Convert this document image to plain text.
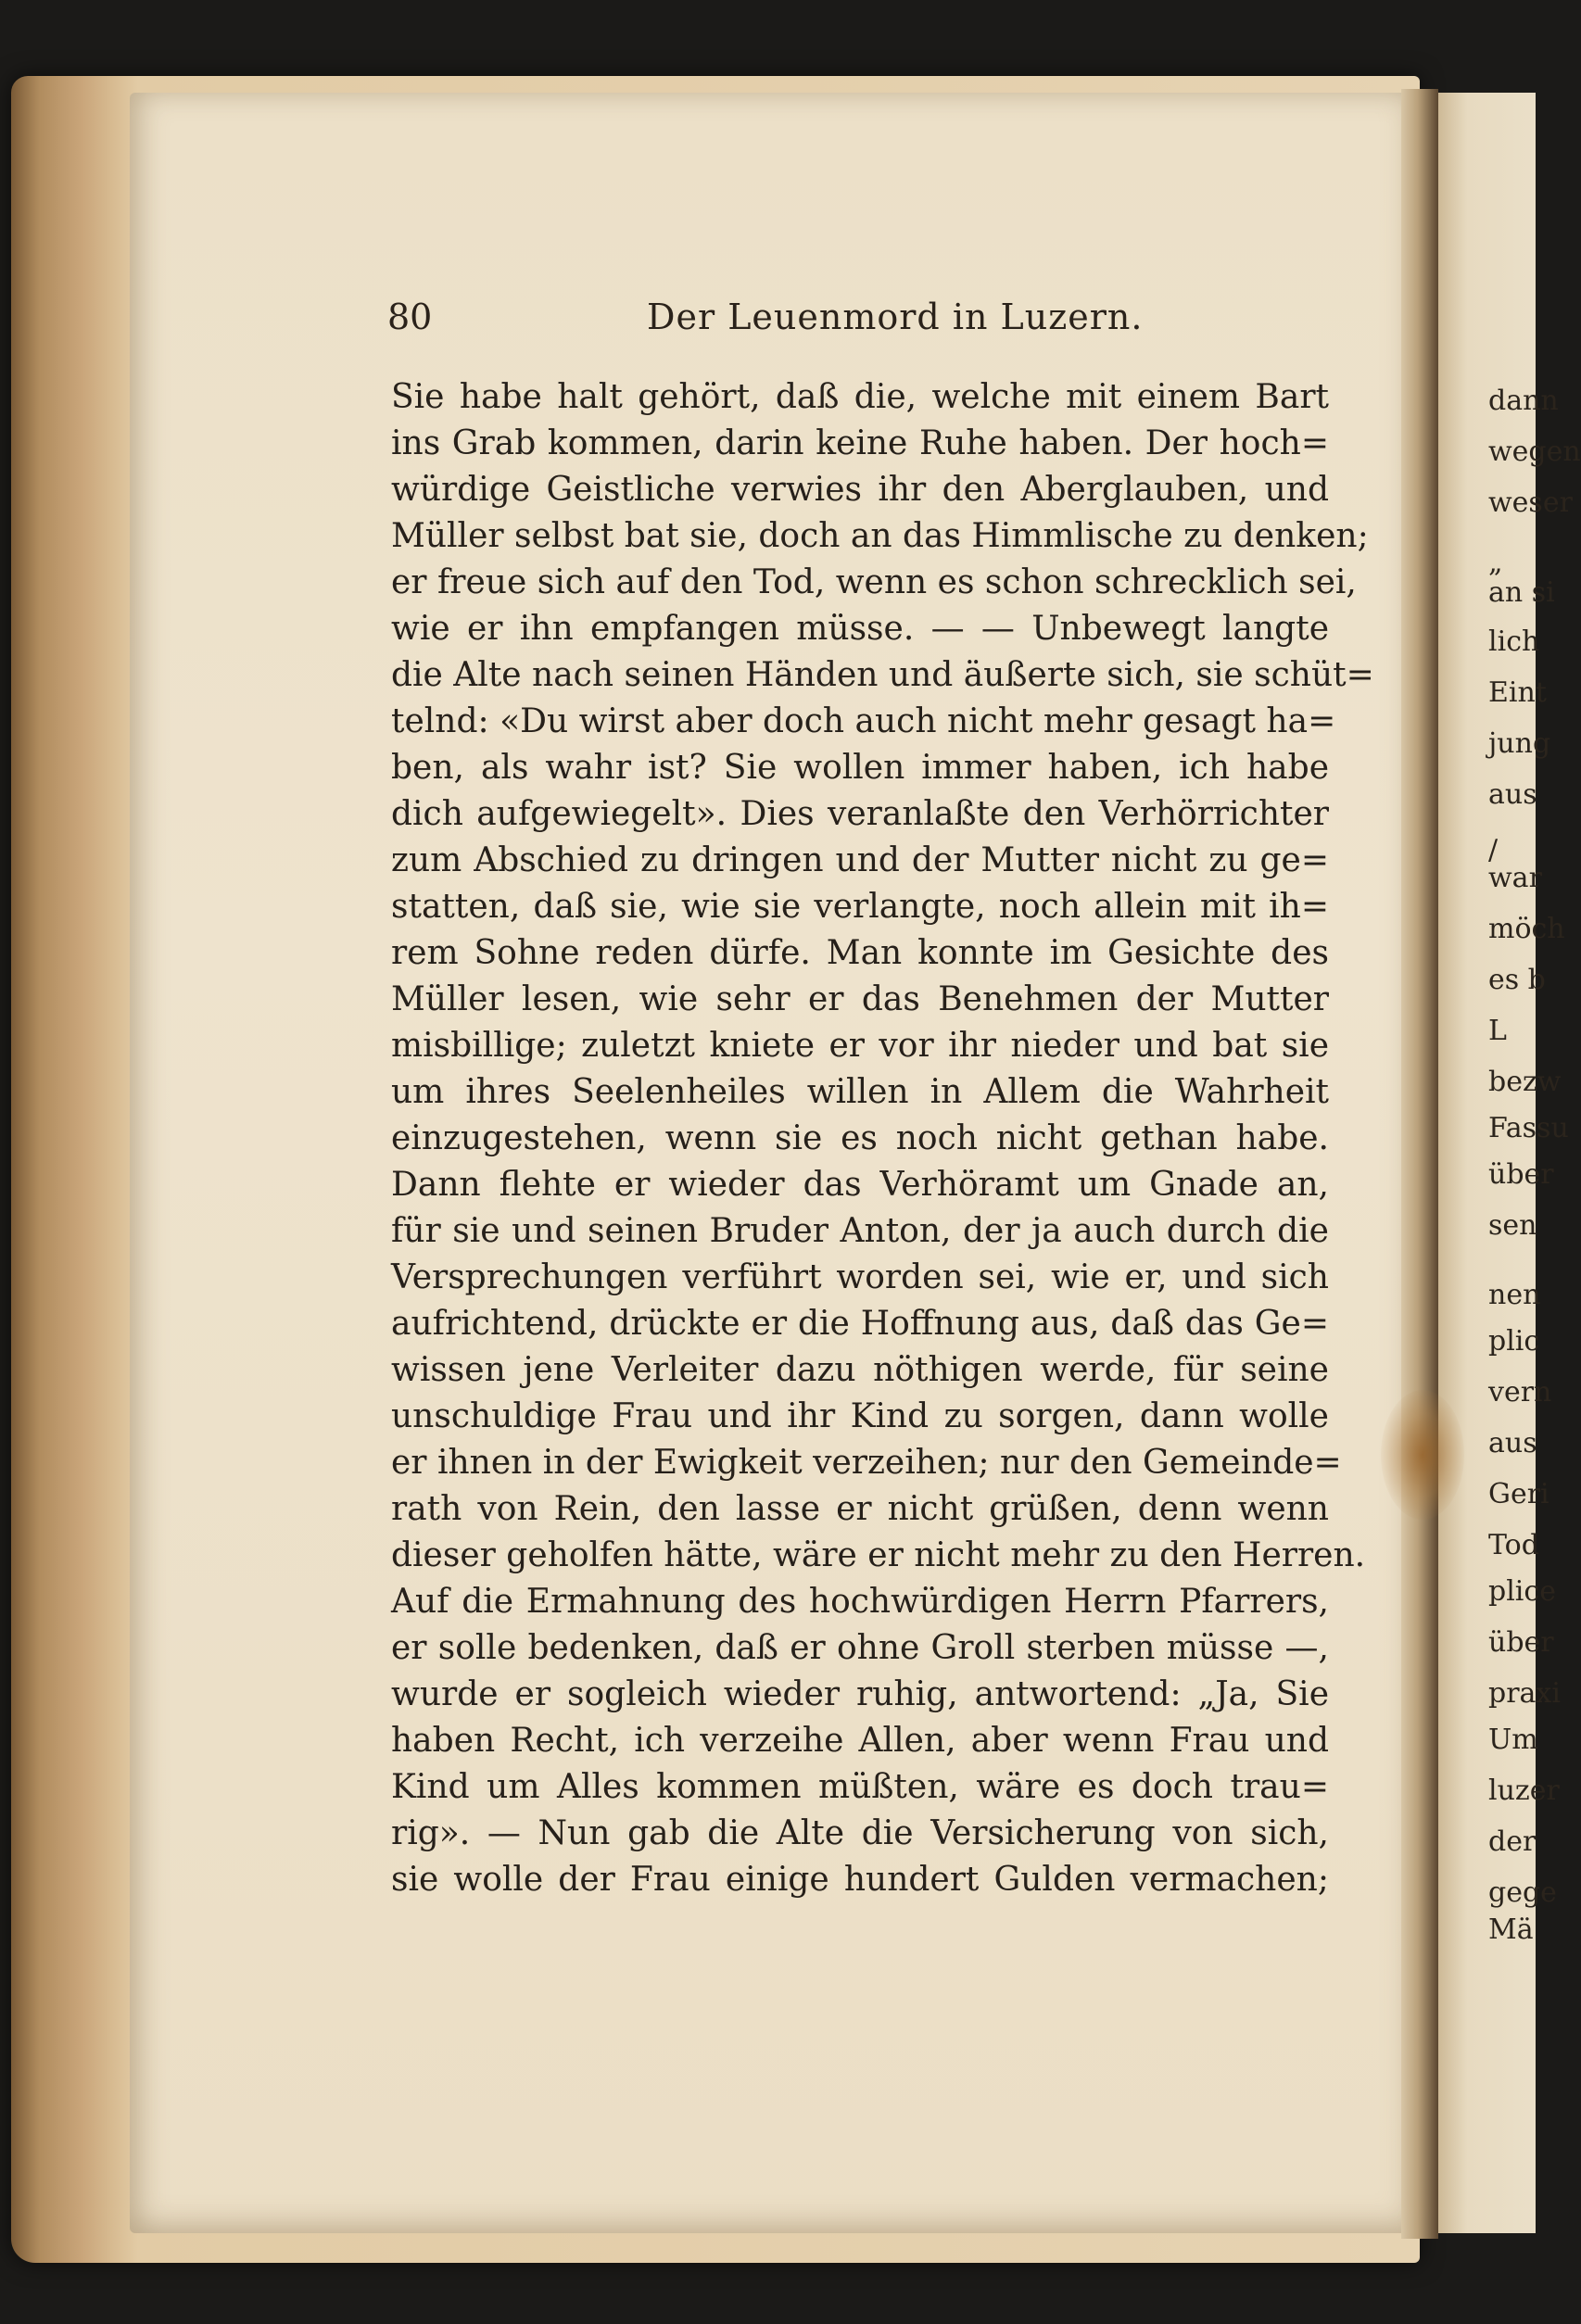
dann
wegen
weser
„
an si
lich
Eint
jung
aus
/
war
möch
es b
L
bezw
Fassu
über
sen
nen
plic
vern
aus
Geri
Tod
plice
über
praxi
Um
luzer
der
gege
Mä
80	Der Leuenmord in Luzern.
Sie habe halt gehört, daß die, welche mit einem Bart
ins Grab kommen, darin keine Ruhe haben. Der hoch=
würdige Geistliche verwies ihr den Aberglauben, und
Müller selbst bat sie, doch an das Himmlische zu denken;
er freue sich auf den Tod, wenn es schon schrecklich sei,
wie er ihn empfangen müsse. — — Unbewegt langte
die Alte nach seinen Händen und äußerte sich, sie schüt=
telnd: «Du wirst aber doch auch nicht mehr gesagt ha=
ben, als wahr ist? Sie wollen immer haben, ich habe
dich aufgewiegelt». Dies veranlaßte den Verhörrichter
zum Abschied zu dringen und der Mutter nicht zu ge=
statten, daß sie, wie sie verlangte, noch allein mit ih=
rem Sohne reden dürfe. Man konnte im Gesichte des
Müller lesen, wie sehr er das Benehmen der Mutter
misbillige; zuletzt kniete er vor ihr nieder und bat sie
um ihres Seelenheiles willen in Allem die Wahrheit
einzugestehen, wenn sie es noch nicht gethan habe.
Dann flehte er wieder das Verhöramt um Gnade an,
für sie und seinen Bruder Anton, der ja auch durch die
Versprechungen verführt worden sei, wie er, und sich
aufrichtend, drückte er die Hoffnung aus, daß das Ge=
wissen jene Verleiter dazu nöthigen werde, für seine
unschuldige Frau und ihr Kind zu sorgen, dann wolle
er ihnen in der Ewigkeit verzeihen; nur den Gemeinde=
rath von Rein, den lasse er nicht grüßen, denn wenn
dieser geholfen hätte, wäre er nicht mehr zu den Herren.
Auf die Ermahnung des hochwürdigen Herrn Pfarrers,
er solle bedenken, daß er ohne Groll sterben müsse —,
wurde er sogleich wieder ruhig, antwortend: „Ja, Sie
haben Recht, ich verzeihe Allen, aber wenn Frau und
Kind um Alles kommen müßten, wäre es doch trau=
rig». — Nun gab die Alte die Versicherung von sich,
sie wolle der Frau einige hundert Gulden vermachen;
